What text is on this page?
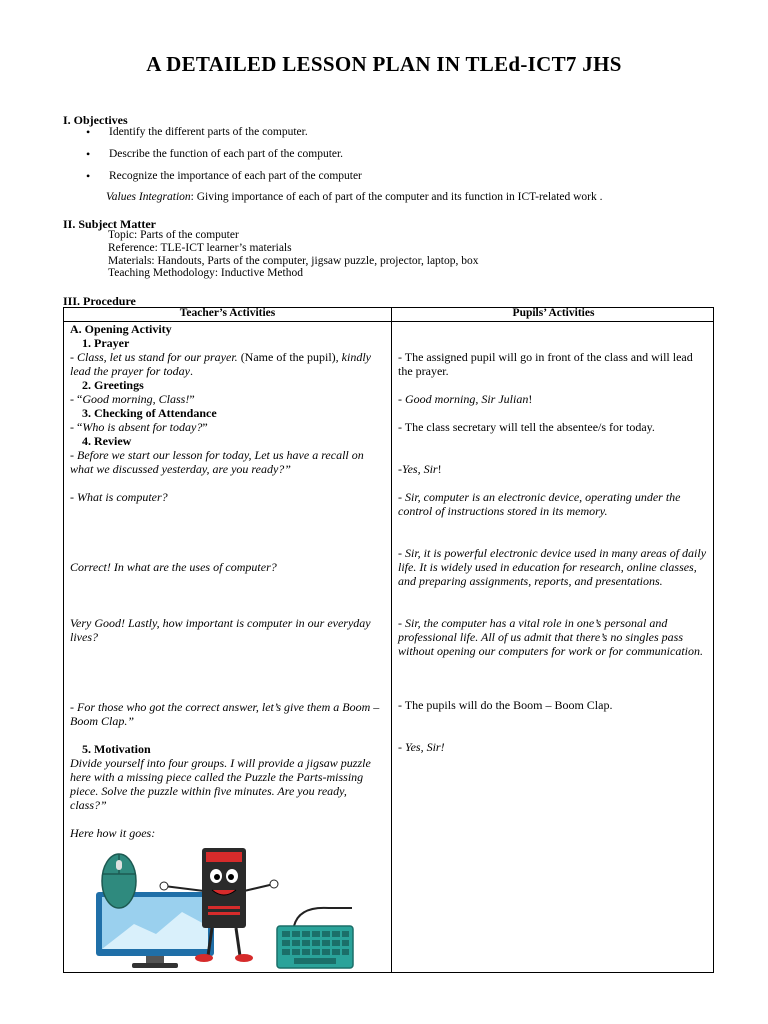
A DETAILED LESSON PLAN IN TLEd-ICT7 JHS
I. Objectives
• Identify the different parts of the computer.
• Describe the function of each part of the computer.
• Recognize the importance of each part of the computer
Values Integration: Giving importance of each of part of the computer and its function in ICT-related work .
II. Subject Matter
Topic: Parts of the computer
Reference: TLE-ICT learner’s materials
Materials: Handouts, Parts of the computer, jigsaw puzzle, projector, laptop, box
Teaching Methodology: Inductive Method
III. Procedure
Teacher’s Activities	Pupils’ Activities
A. Opening Activity
1. Prayer
- Class, let us stand for our prayer. (Name of the pupil), kindly lead the prayer for today.
2. Greetings
- “Good morning, Class!”
3. Checking of Attendance
- “Who is absent for today?”
4. Review
- Before we start our lesson for today, Let us have a recall on what we discussed yesterday, are you ready?”
- What is computer?
Correct! In what are the uses of computer?
Very Good! Lastly, how important is computer in our everyday lives?
- For those who got the correct answer, let’s give them a Boom – Boom Clap.”
5. Motivation
Divide yourself into four groups. I will provide a jigsaw puzzle here with a missing piece called the Puzzle the Parts-missing piece. Solve the puzzle within five minutes. Are you ready, class?”
Here how it goes:
- The assigned pupil will go in front of the class and will lead the prayer.
- Good morning, Sir Julian!
- The class secretary will tell the absentee/s for today.
-Yes, Sir!
- Sir, computer is an electronic device, operating under the control of instructions stored in its memory.
- Sir, it is powerful electronic device used in many areas of daily life. It is widely used in education for research, online classes, and preparing assignments, reports, and presentations.
- Sir, the computer has a vital role in one’s personal and professional life. All of us admit that there’s no singles pass without opening our computers for work or for communication.
- The pupils will do the Boom – Boom Clap.
- Yes, Sir!
